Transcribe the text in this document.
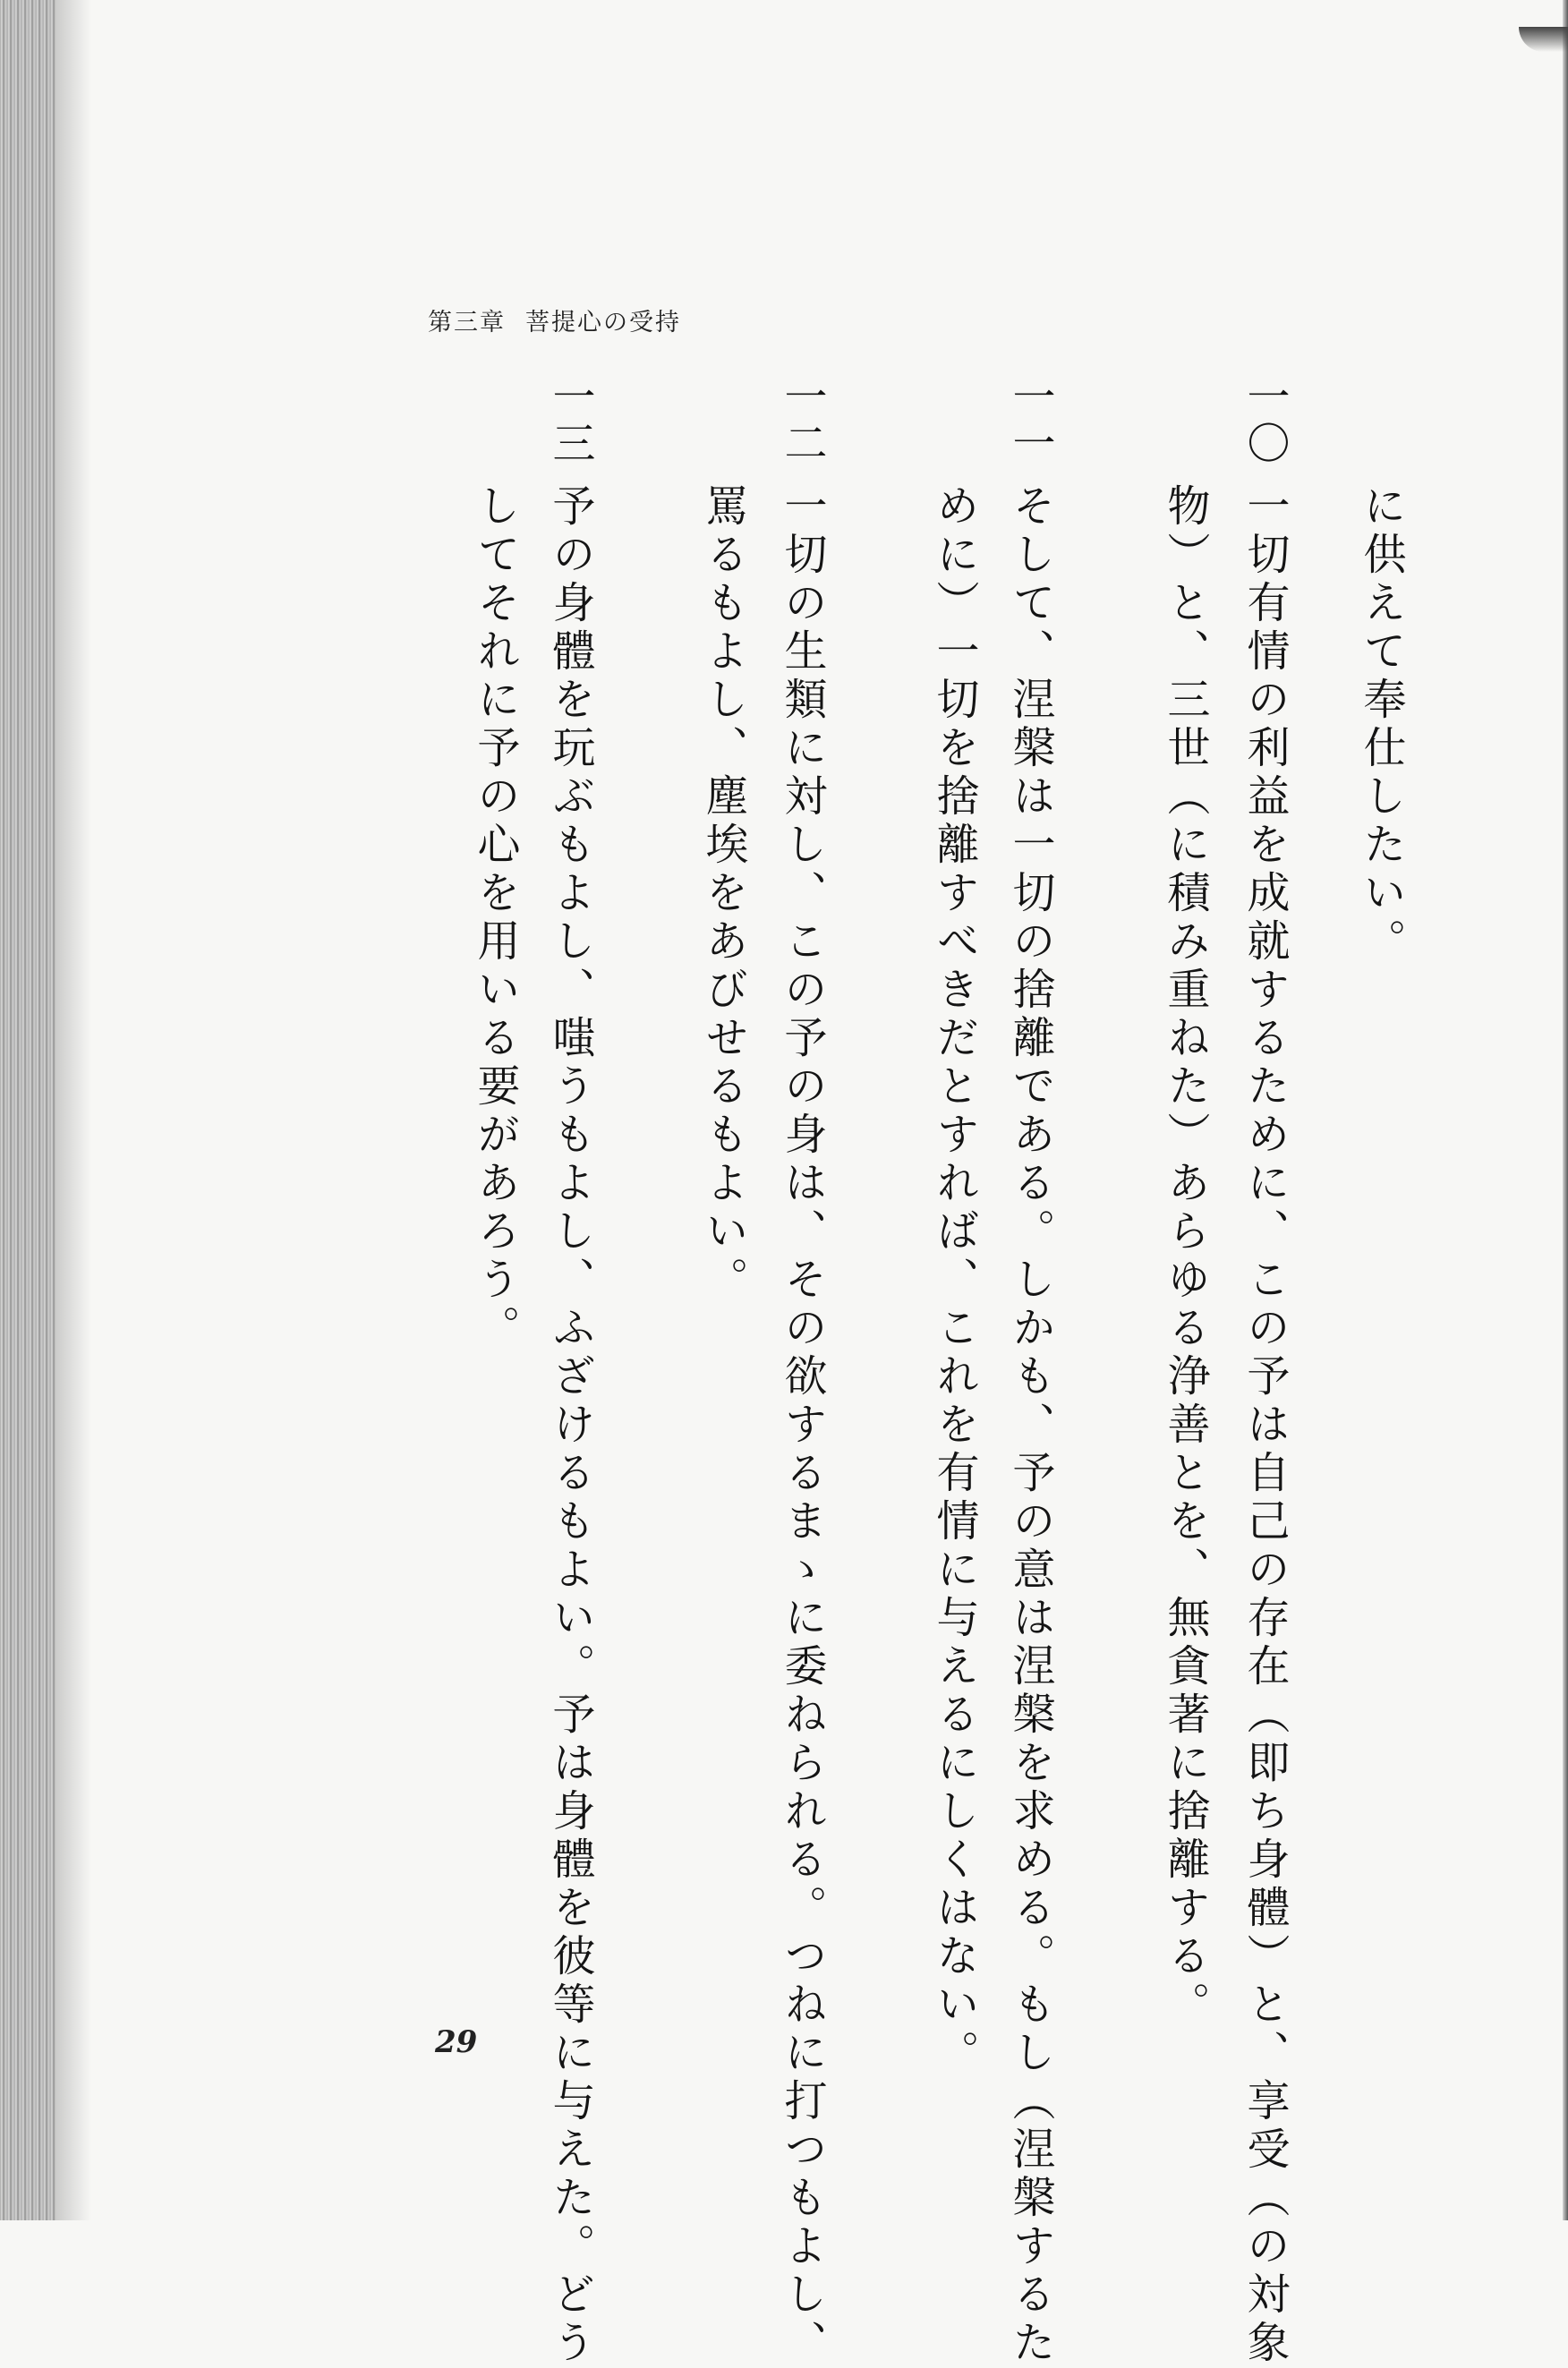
第三章 菩提心の受持
一〇
一一
一二
一三
に供えて奉仕したい。
一切有情の利益を成就するために、この予は自己の存在（即ち身體）と、享受（の対象
物）と、三世（に積み重ねた）あらゆる浄善とを、無貪著に捨離する。
そして、涅槃は一切の捨離である。しかも、予の意は涅槃を求める。もし（涅槃するた
めに）一切を捨離すべきだとすれば、これを有情に与えるにしくはない。
一切の生類に対し、この予の身は、その欲するまゝに委ねられる。つねに打つもよし、
罵るもよし、塵埃をあびせるもよい。
予の身體を玩ぶもよし、嗤うもよし、ふざけるもよい。予は身體を彼等に与えた。どう
してそれに予の心を用いる要があろう。
29
